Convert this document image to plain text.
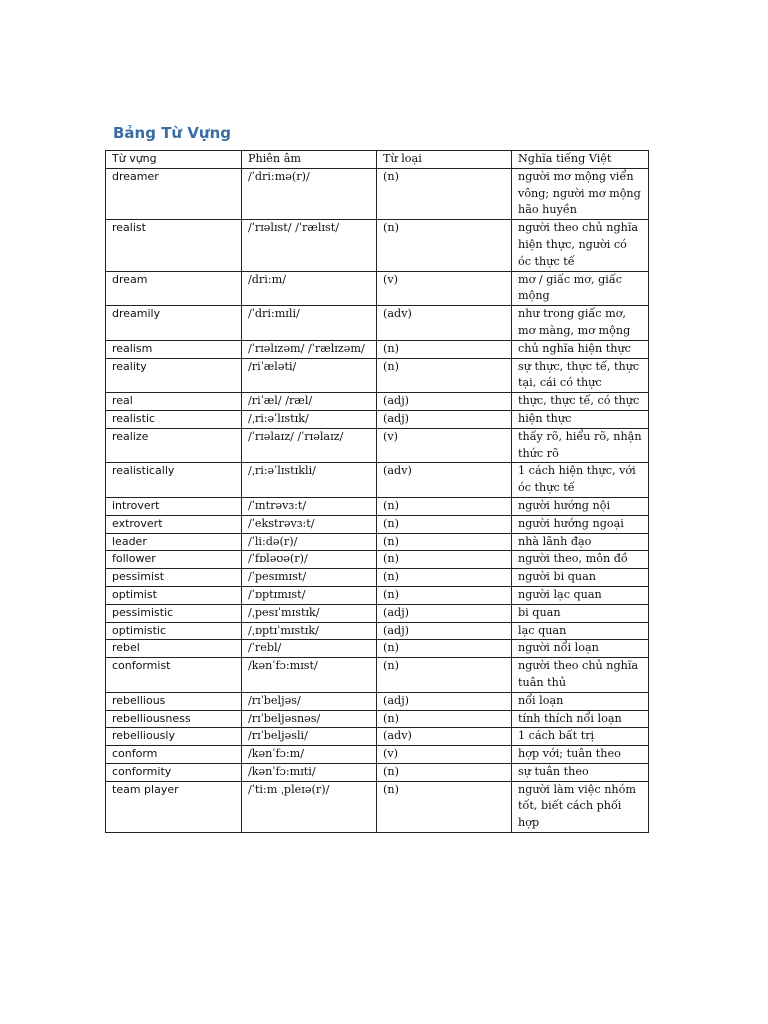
Bảng Từ Vựng
Từ vựng	Phiên âm	Từ loại	Nghĩa tiếng Việt
dreamer	/ˈdri:mə(r)/	(n)	người mơ mộng viển vông; người mơ mộng hão huyền
realist	/ˈrɪəlɪst/ /ˈrælɪst/	(n)	người theo chủ nghĩa hiện thực, người có óc thực tế
dream	/dri:m/	(v)	mơ / giấc mơ, giấc mộng
dreamily	/ˈdri:mɪli/	(adv)	như trong giấc mơ, mơ màng, mơ mộng
realism	/ˈrɪəlɪzəm/ /ˈrælɪzəm/	(n)	chủ nghĩa hiện thực
reality	/riˈæləti/	(n)	sự thực, thực tế, thực tại, cái có thực
real	/riˈæl/ /ræl/	(adj)	thực, thực tế, có thực
realistic	/ˌri:əˈlɪstɪk/	(adj)	hiện thực
realize	/ˈrɪəlaɪz/ /ˈrɪəlaɪz/	(v)	thấy rõ, hiểu rõ, nhận thức rõ
realistically	/ˌri:əˈlɪstɪkli/	(adv)	1 cách hiện thực, với óc thực tế
introvert	/ˈɪntrəvɜ:t/	(n)	người hướng nội
extrovert	/ˈekstrəvɜ:t/	(n)	người hướng ngoại
leader	/ˈli:də(r)/	(n)	nhà lãnh đạo
follower	/ˈfɒləʊə(r)/	(n)	người theo, môn đồ
pessimist	/ˈpesɪmɪst/	(n)	người bi quan
optimist	/ˈɒptɪmɪst/	(n)	người lạc quan
pessimistic	/ˌpesɪˈmɪstɪk/	(adj)	bi quan
optimistic	/ˌɒptɪˈmɪstɪk/	(adj)	lạc quan
rebel	/ˈrebl/	(n)	người nổi loạn
conformist	/kənˈfɔ:mɪst/	(n)	người theo chủ nghĩa tuân thủ
rebellious	/rɪˈbeljəs/	(adj)	nổi loạn
rebelliousness	/rɪˈbeljəsnəs/	(n)	tính thích nổi loạn
rebelliously	/rɪˈbeljəsli/	(adv)	1 cách bất trị
conform	/kənˈfɔ:m/	(v)	hợp với; tuân theo
conformity	/kənˈfɔ:mɪti/	(n)	sự tuân theo
team player	/ˈti:m ˌpleɪə(r)/	(n)	người làm việc nhóm tốt, biết cách phối hợp
